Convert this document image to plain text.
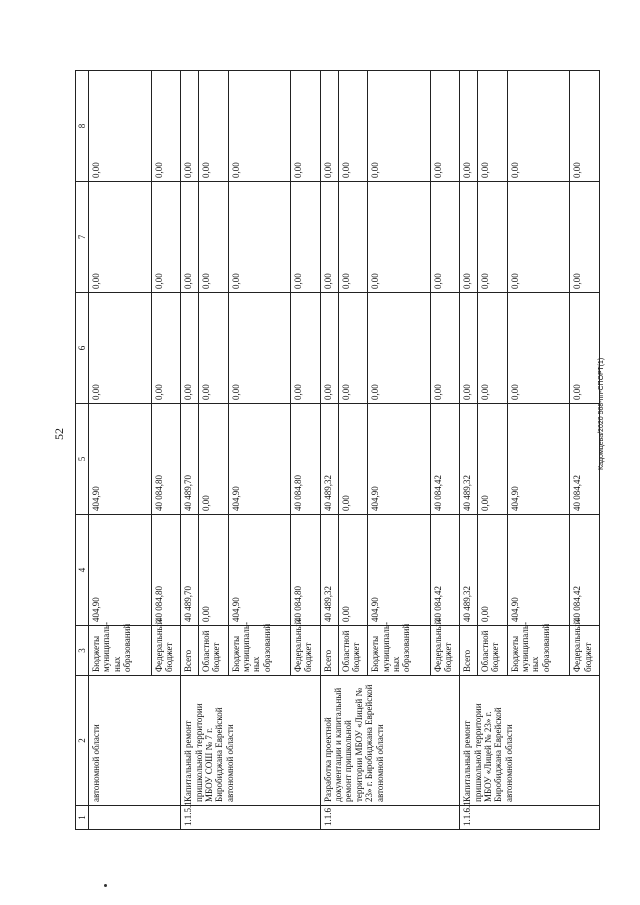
52	Кадомцева/2020 568-пп-СПОРТ(1)
1	2	3	4	5	6	7	8
	автономной области	Бюджеты муниципаль-ных образований	404,90	404,90	0,00	0,00	0,00
		Федеральный бюджет	40 084,80	40 084,80	0,00	0,00	0,00
1.1.5.1	Капитальный ремонт пришкольной территории МБОУ СОШ № 7 г. Биробиджана Еврейской автономной области	Всего	40 489,70	40 489,70	0,00	0,00	0,00
		Областной бюджет	0,00	0,00	0,00	0,00	0,00
		Бюджеты муниципаль-ных образований	404,90	404,90	0,00	0,00	0,00
		Федеральный бюджет	40 084,80	40 084,80	0,00	0,00	0,00
1.1.6	Разработка проектной документации и капитальный ремонт пришкольной территории МБОУ «Лицей № 23» г. Биробиджана Еврейской автономной области	Всего	40 489,32	40 489,32	0,00	0,00	0,00
		Областной бюджет	0,00	0,00	0,00	0,00	0,00
		Бюджеты муниципаль-ных образований	404,90	404,90	0,00	0,00	0,00
		Федеральный бюджет	40 084,42	40 084,42	0,00	0,00	0,00
1.1.6.1	Капитальный ремонт пришкольной территории МБОУ «Лицей № 23» г. Биробиджана Еврейской автономной области	Всего	40 489,32	40 489,32	0,00	0,00	0,00
		Областной бюджет	0,00	0,00	0,00	0,00	0,00
		Бюджеты муниципаль-ных образований	404,90	404,90	0,00	0,00	0,00
		Федеральный бюджет	40 084,42	40 084,42	0,00	0,00	0,00
